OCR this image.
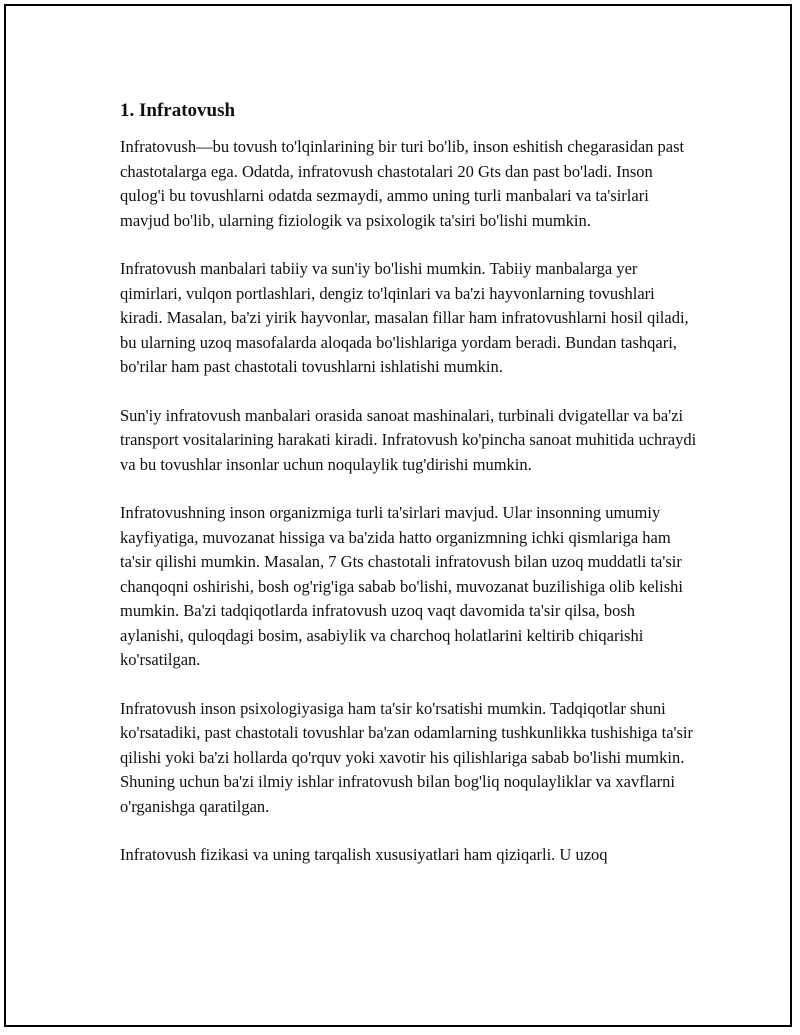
1. Infratovush

Infratovush—bu tovush to'lqinlarining bir turi bo'lib, inson eshitish chegarasidan past chastotalarga ega. Odatda, infratovush chastotalari 20 Gts dan past bo'ladi. Inson qulog'i bu tovushlarni odatda sezmaydi, ammo uning turli manbalari va ta'sirlari mavjud bo'lib, ularning fiziologik va psixologik ta'siri bo'lishi mumkin.

Infratovush manbalari tabiiy va sun'iy bo'lishi mumkin. Tabiiy manbalarga yer qimirlari, vulqon portlashlari, dengiz to'lqinlari va ba'zi hayvonlarning tovushlari kiradi. Masalan, ba'zi yirik hayvonlar, masalan fillar ham infratovushlarni hosil qiladi, bu ularning uzoq masofalarda aloqada bo'lishlariga yordam beradi. Bundan tashqari, bo'rilar ham past chastotali tovushlarni ishlatishi mumkin.

Sun'iy infratovush manbalari orasida sanoat mashinalari, turbinali dvigatellar va ba'zi transport vositalarining harakati kiradi. Infratovush ko'pincha sanoat muhitida uchraydi va bu tovushlar insonlar uchun noqulaylik tug'dirishi mumkin.

Infratovushning inson organizmiga turli ta'sirlari mavjud. Ular insonning umumiy kayfiyatiga, muvozanat hissiga va ba'zida hatto organizmning ichki qismlariga ham ta'sir qilishi mumkin. Masalan, 7 Gts chastotali infratovush bilan uzoq muddatli ta'sir chanqoqni oshirishi, bosh og'rig'iga sabab bo'lishi, muvozanat buzilishiga olib kelishi mumkin. Ba'zi tadqiqotlarda infratovush uzoq vaqt davomida ta'sir qilsa, bosh aylanishi, quloqdagi bosim, asabiylik va charchoq holatlarini keltirib chiqarishi ko'rsatilgan.

Infratovush inson psixologiyasiga ham ta'sir ko'rsatishi mumkin. Tadqiqotlar shuni ko'rsatadiki, past chastotali tovushlar ba'zan odamlarning tushkunlikka tushishiga ta'sir qilishi yoki ba'zi hollarda qo'rquv yoki xavotir his qilishlariga sabab bo'lishi mumkin. Shuning uchun ba'zi ilmiy ishlar infratovush bilan bog'liq noqulayliklar va xavflarni o'rganishga qaratilgan.

Infratovush fizikasi va uning tarqalish xususiyatlari ham qiziqarli. U uzoq
